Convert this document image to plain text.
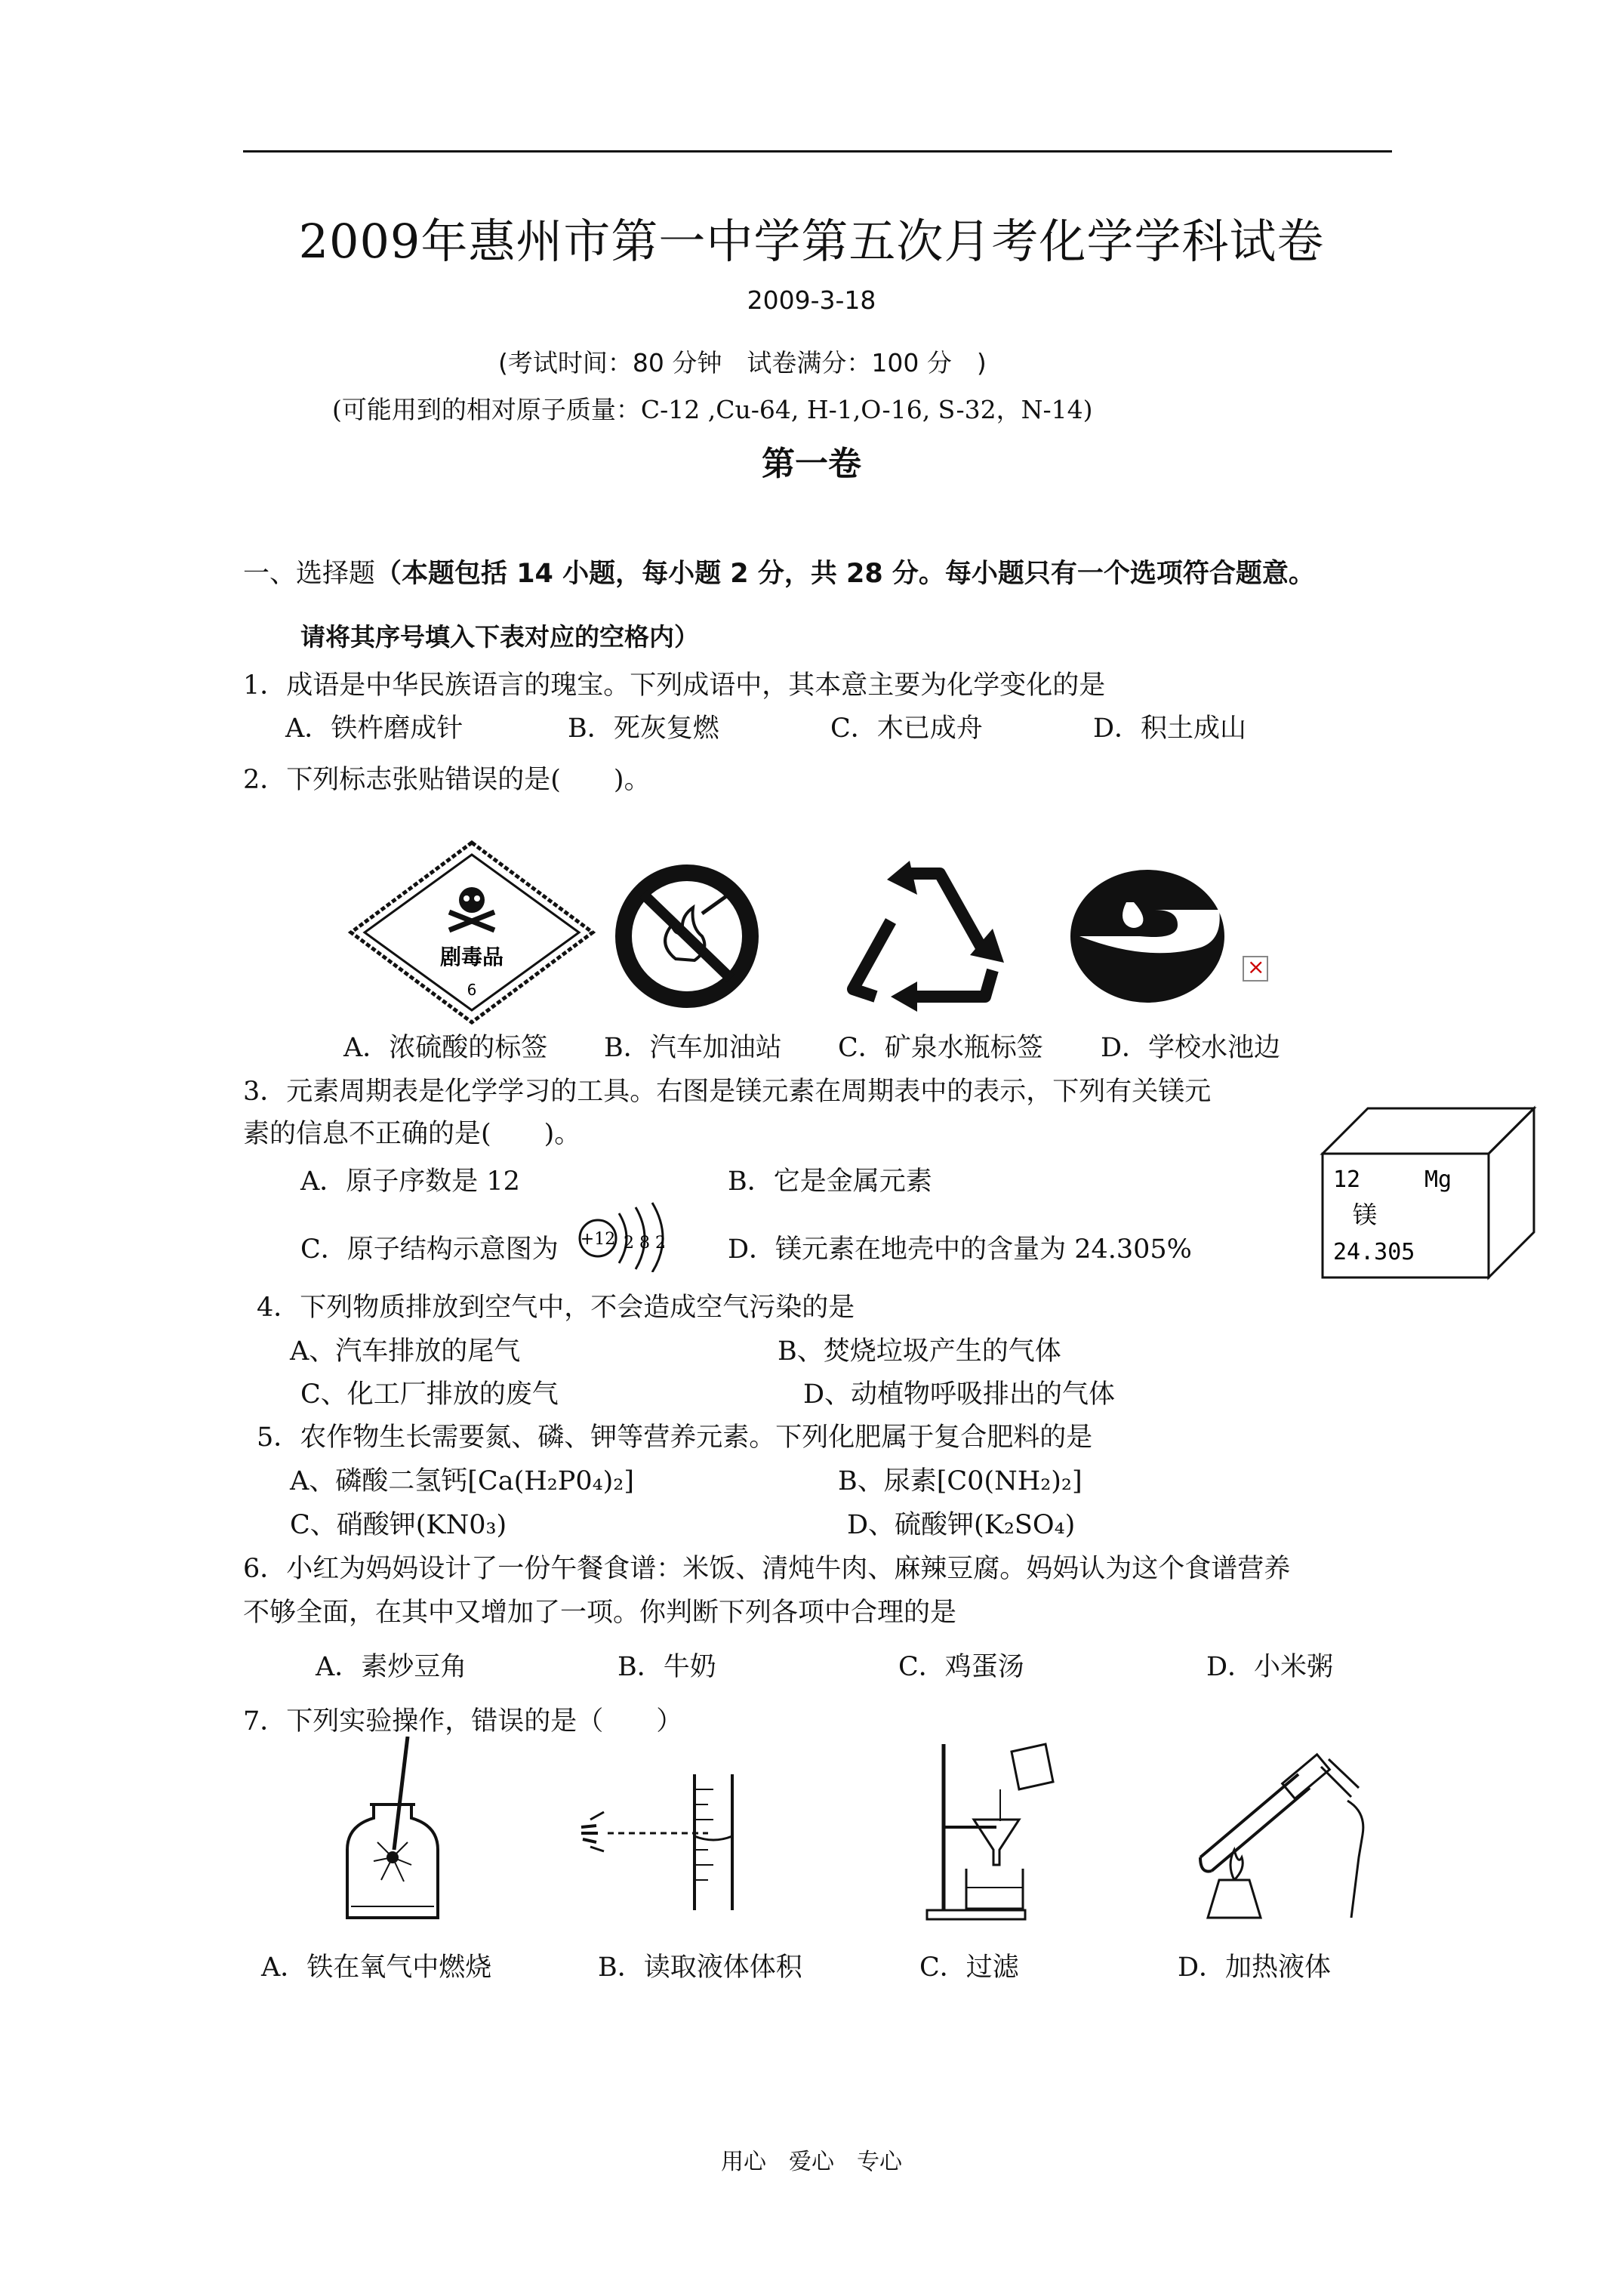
2009年惠州市第一中学第五次月考化学学科试卷
2009-3-18
(考试时间：80 分钟　试卷满分：100 分　)
(可能用到的相对原子质量：C-12 ,Cu-64, H-1,O-16, S-32，N-14)
第一卷
一、选择题（本题包括 14 小题，每小题 2 分，共 28 分。每小题只有一个选项符合题意。
请将其序号填入下表对应的空格内）
1．成语是中华民族语言的瑰宝。下列成语中，其本意主要为化学变化的是
A．铁杵磨成针	B．死灰复燃	C．木已成舟	D．积土成山
2．下列标志张贴错误的是(　　)。
剧毒品
6
×
A．浓硫酸的标签 B．汽车加油站 C．矿泉水瓶标签 D．学校水池边
3．元素周期表是化学学习的工具。右图是镁元素在周期表中的表示，下列有关镁元
素的信息不正确的是(　　)。
A．原子序数是 12	B．它是金属元素
C．原子结构示意图为 +12 2 8 2 D．镁元素在地壳中的含量为 24.305%
12	Mg
镁
24.305
4．下列物质排放到空气中，不会造成空气污染的是
A、汽车排放的尾气	B、焚烧垃圾产生的气体
C、化工厂排放的废气	D、动植物呼吸排出的气体
5．农作物生长需要氮、磷、钾等营养元素。下列化肥属于复合肥料的是
A、磷酸二氢钙[Ca(H₂P0₄)₂]	B、尿素[C0(NH₂)₂]
C、硝酸钾(KN0₃)	D、硫酸钾(K₂SO₄)
6．小红为妈妈设计了一份午餐食谱：米饭、清炖牛肉、麻辣豆腐。妈妈认为这个食谱营养
不够全面，在其中又增加了一项。你判断下列各项中合理的是
A．素炒豆角	B．牛奶	C．鸡蛋汤	D．小米粥
7．下列实验操作，错误的是（　　）
A．铁在氧气中燃烧	B．读取液体体积	C．过滤	D．加热液体
用心　爱心　专心
